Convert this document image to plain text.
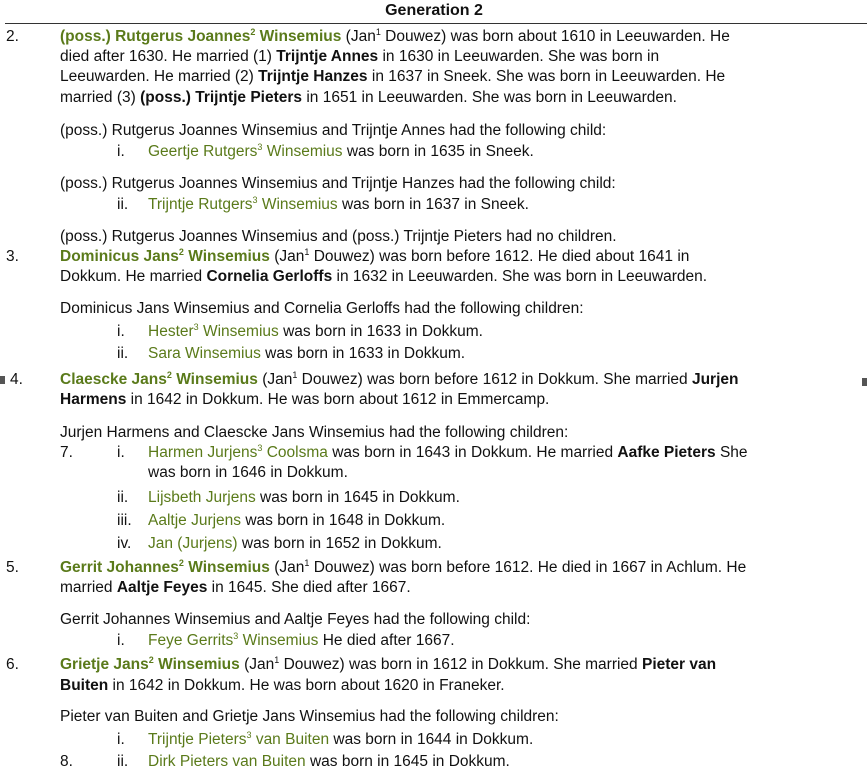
Generation 2
2.	(poss.) Rutgerus Joannes$^2$ Winsemius (Jan$^1$ Douwez) was born about 1610 in Leeuwarden. He
died after 1630. He married (1) Trijntje Annes in 1630 in Leeuwarden. She was born in
Leeuwarden. He married (2) Trijntje Hanzes in 1637 in Sneek. She was born in Leeuwarden. He
married (3) (poss.) Trijntje Pieters in 1651 in Leeuwarden. She was born in Leeuwarden.
(poss.) Rutgerus Joannes Winsemius and Trijntje Annes had the following child:
i. Geertje Rutgers$^3$ Winsemius was born in 1635 in Sneek.
(poss.) Rutgerus Joannes Winsemius and Trijntje Hanzes had the following child:
ii. Trijntje Rutgers$^3$ Winsemius was born in 1637 in Sneek.
(poss.) Rutgerus Joannes Winsemius and (poss.) Trijntje Pieters had no children.
3.	Dominicus Jans$^2$ Winsemius (Jan$^1$ Douwez) was born before 1612. He died about 1641 in
Dokkum. He married Cornelia Gerloffs in 1632 in Leeuwarden. She was born in Leeuwarden.
Dominicus Jans Winsemius and Cornelia Gerloffs had the following children:
i. Hester$^3$ Winsemius was born in 1633 in Dokkum.
ii. Sara Winsemius was born in 1633 in Dokkum.
4. Claescke Jans$^2$ Winsemius (Jan$^1$ Douwez) was born before 1612 in Dokkum. She married Jurjen
Harmens in 1642 in Dokkum. He was born about 1612 in Emmercamp.
Jurjen Harmens and Claescke Jans Winsemius had the following children:
7.	i. Harmen Jurjens$^3$ Coolsma was born in 1643 in Dokkum. He married Aafke Pieters She
was born in 1646 in Dokkum.
ii. Lijsbeth Jurjens was born in 1645 in Dokkum.
iii. Aaltje Jurjens was born in 1648 in Dokkum.
iv. Jan (Jurjens) was born in 1652 in Dokkum.
5.	Gerrit Johannes$^2$ Winsemius (Jan$^1$ Douwez) was born before 1612. He died in 1667 in Achlum. He
married Aaltje Feyes in 1645. She died after 1667.
Gerrit Johannes Winsemius and Aaltje Feyes had the following child:
i. Feye Gerrits$^3$ Winsemius He died after 1667.
6.	Grietje Jans$^2$ Winsemius (Jan$^1$ Douwez) was born in 1612 in Dokkum. She married Pieter van
Buiten in 1642 in Dokkum. He was born about 1620 in Franeker.
Pieter van Buiten and Grietje Jans Winsemius had the following children:
i. Trijntje Pieters$^3$ van Buiten was born in 1644 in Dokkum.
8.	ii. Dirk Pieters van Buiten was born in 1645 in Dokkum.
